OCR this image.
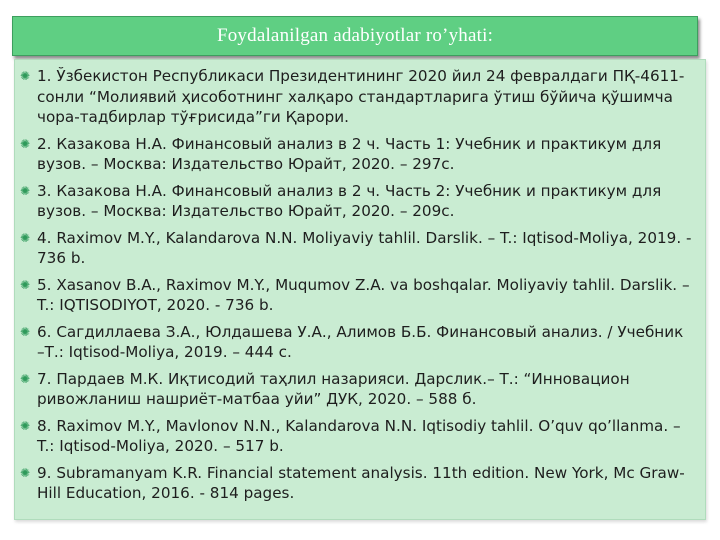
Foydalanilgan adabiyotlar ro’yhati:
✺ 1. Ўзбекистон Республикаси Президентининг 2020 йил 24 февралдаги ПҚ-4611-сонли “Молиявий ҳисоботнинг халқаро стандартларига ўтиш бўйича қўшимча чора-тадбирлар тўғрисида”ги Қарори.
✺ 2. Казакова Н.А. Финансовый анализ в 2 ч. Часть 1: Учебник и практикум для вузов. – Москва: Издательство Юрайт, 2020. – 297с.
✺ 3. Казакова Н.А. Финансовый анализ в 2 ч. Часть 2: Учебник и практикум для вузов. – Москва: Издательство Юрайт, 2020. – 209с.
✺ 4. Raximov M.Y., Kalandarova N.N. Moliyaviy tahlil. Darslik. – T.: Iqtisod-Moliya, 2019. - 736 b.
✺ 5. Xasanov B.A., Raximov M.Y., Muqumov Z.A. va boshqalar. Moliyaviy tahlil. Darslik. – T.: IQTISODIYOT, 2020. - 736 b.
✺ 6. Сагдиллаева З.А., Юлдашева У.А., Алимов Б.Б. Финансовый анализ. / Учебник –Т.: Iqtisod-Moliya, 2019. – 444 с.
✺ 7. Пардаев М.К. Иқтисодий таҳлил назарияси. Дарслик.– Т.: “Инновацион ривожланиш нашриёт-матбаа уйи” ДУК, 2020. – 588 б.
✺ 8. Raximov M.Y., Mavlonov N.N., Kalandarova N.N. Iqtisodiy tahlil. O’quv qo’llanma. – T.: Iqtisod-Moliya, 2020. – 517 b.
✺ 9. Subramanyam K.R. Financial statement analysis. 11th edition. New York, Mc Graw-Hill Education, 2016. - 814 pages.
